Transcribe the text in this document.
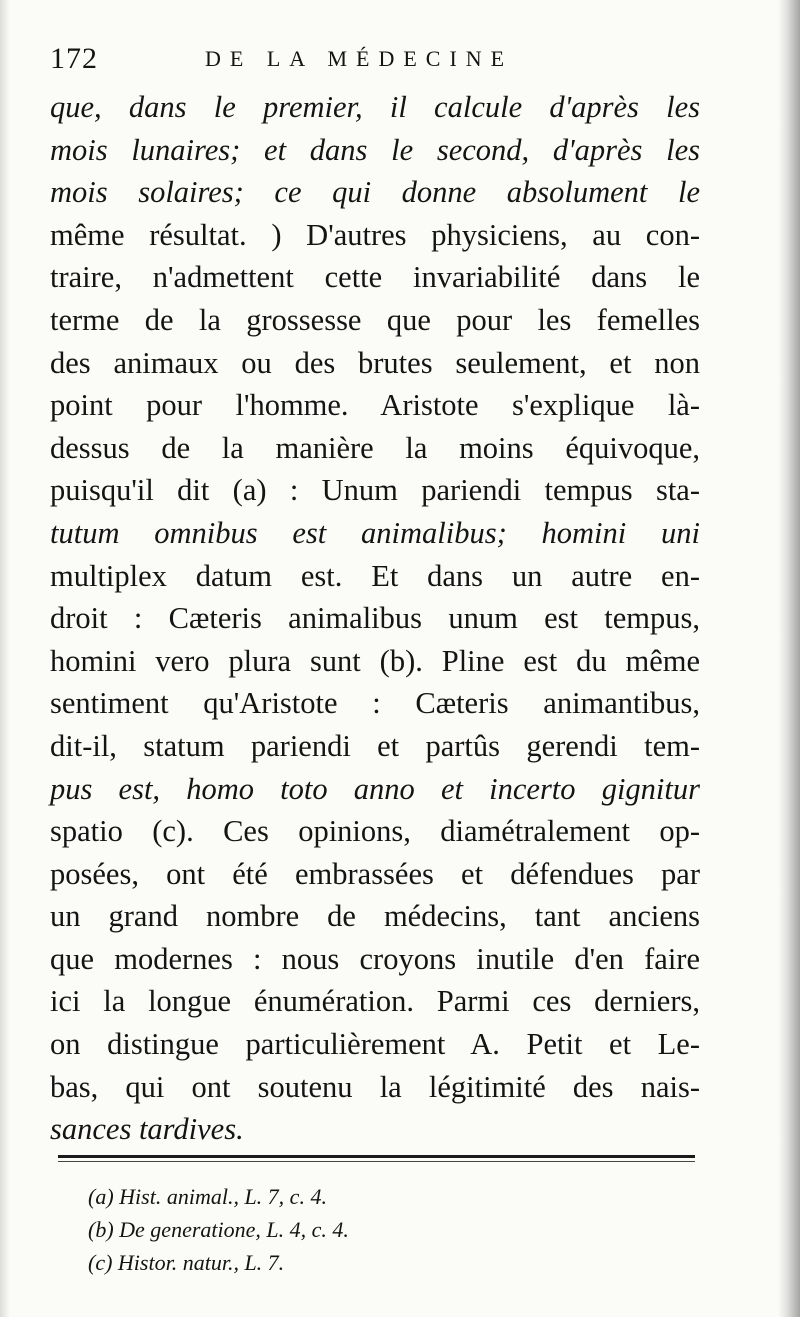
172	DE LA MÉDECINE
que, dans le premier, il calcule d'après les
mois lunaires; et dans le second, d'après les
mois solaires; ce qui donne absolument le
même résultat. ) D'autres physiciens, au con-
traire, n'admettent cette invariabilité dans le
terme de la grossesse que pour les femelles
des animaux ou des brutes seulement, et non
point pour l'homme. Aristote s'explique là-
dessus de la manière la moins équivoque,
puisqu'il dit (a) : Unum pariendi tempus sta-
tutum omnibus est animalibus; homini uni
multiplex datum est. Et dans un autre en-
droit : Cæteris animalibus unum est tempus,
homini vero plura sunt (b). Pline est du même
sentiment qu'Aristote : Cæteris animantibus,
dit-il, statum pariendi et partûs gerendi tem-
pus est, homo toto anno et incerto gignitur
spatio (c). Ces opinions, diamétralement op-
posées, ont été embrassées et défendues par
un grand nombre de médecins, tant anciens
que modernes : nous croyons inutile d'en faire
ici la longue énumération. Parmi ces derniers,
on distingue particulièrement A. Petit et Le-
bas, qui ont soutenu la légitimité des nais-
sances tardives.
(a) Hist. animal., L. 7, c. 4.
(b) De generatione, L. 4, c. 4.
(c) Histor. natur., L. 7.
